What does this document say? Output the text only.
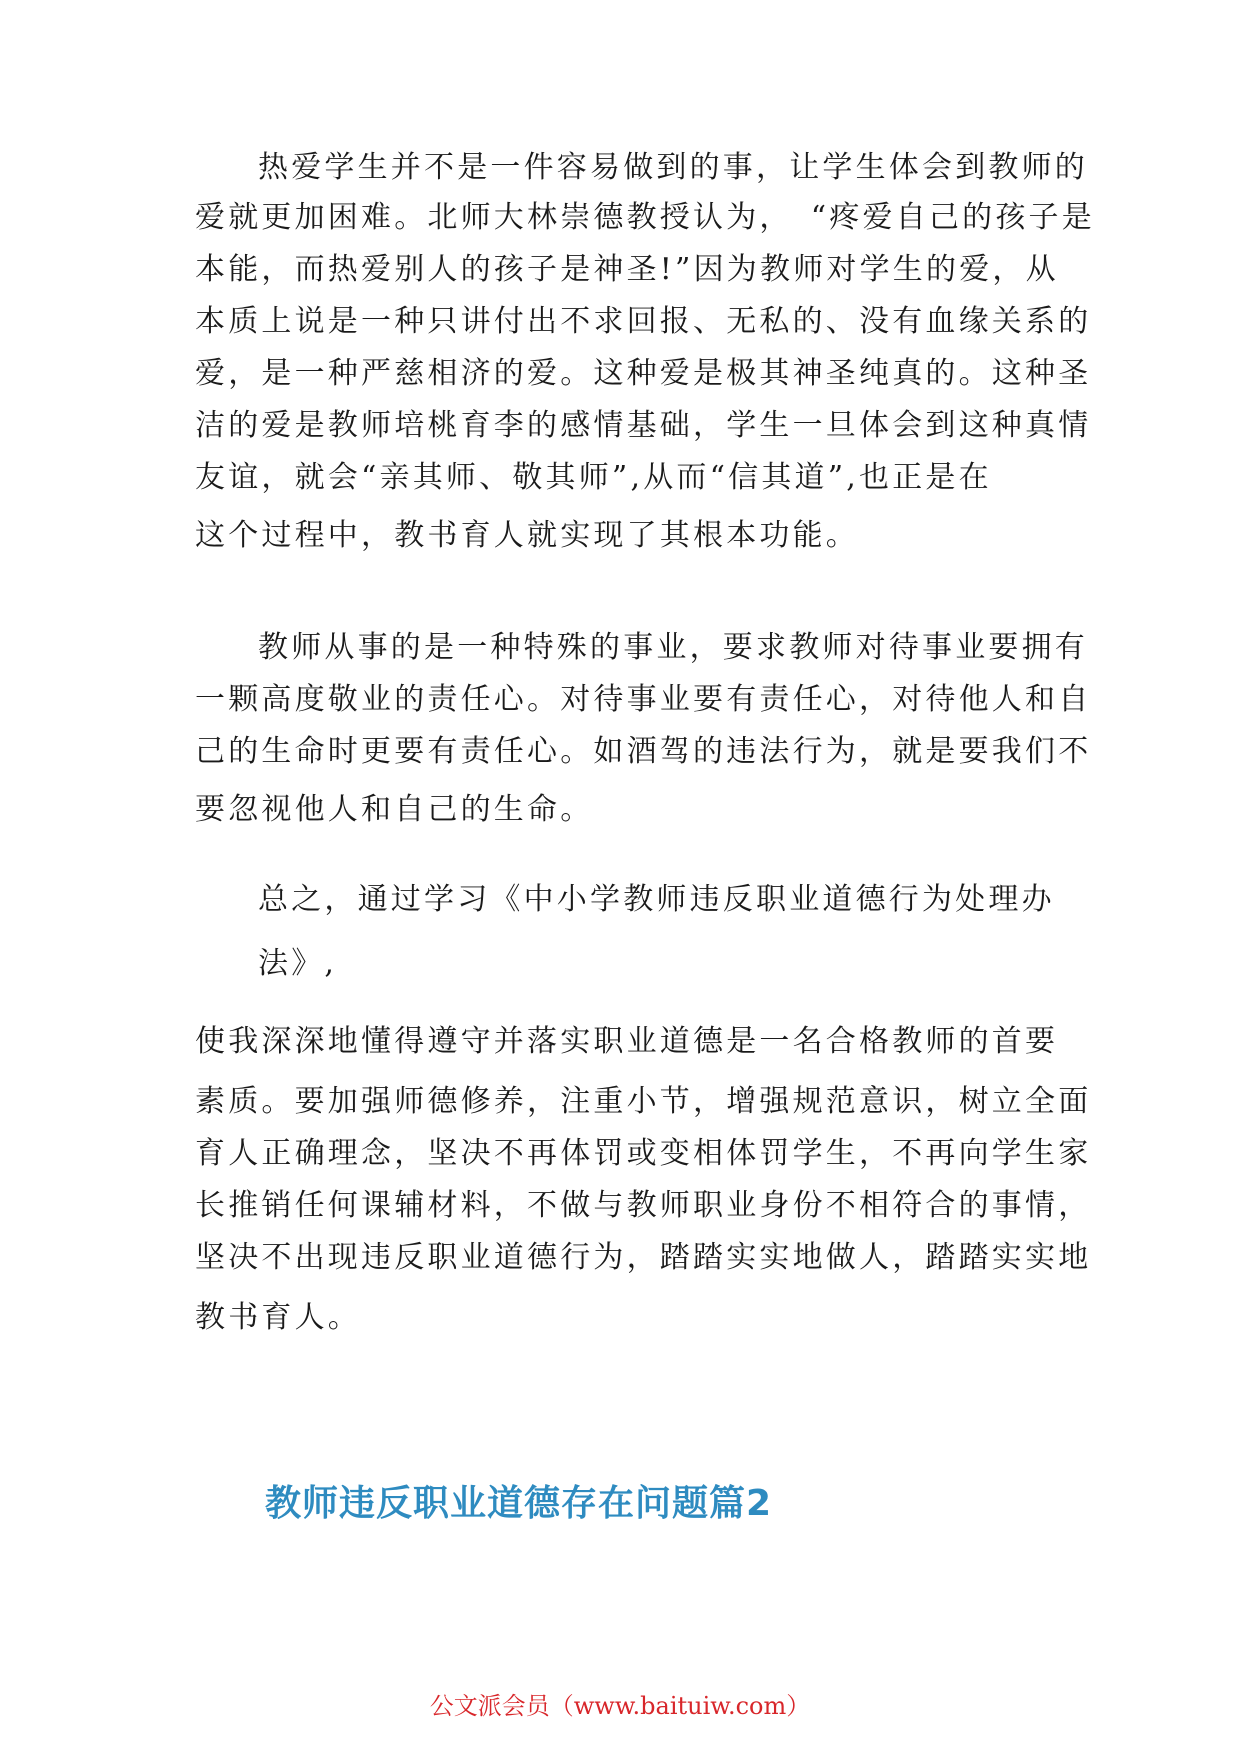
热爱学生并不是一件容易做到的事，让学生体会到教师的
爱就更加困难。北师大林崇德教授认为，　“疼爱自己的孩子是
本能，而热爱别人的孩子是神圣!”因为教师对学生的爱，从
本质上说是一种只讲付出不求回报、无私的、没有血缘关系的
爱，是一种严慈相济的爱。这种爱是极其神圣纯真的。这种圣
洁的爱是教师培桃育李的感情基础，学生一旦体会到这种真情
友谊，就会“亲其师、敬其师”,从而“信其道”,也正是在
这个过程中，教书育人就实现了其根本功能。
教师从事的是一种特殊的事业，要求教师对待事业要拥有
一颗高度敬业的责任心。对待事业要有责任心，对待他人和自
己的生命时更要有责任心。如酒驾的违法行为，就是要我们不
要忽视他人和自己的生命。
总之，通过学习《中小学教师违反职业道德行为处理办
法》,
使我深深地懂得遵守并落实职业道德是一名合格教师的首要
素质。要加强师德修养，注重小节，增强规范意识，树立全面
育人正确理念，坚决不再体罚或变相体罚学生，不再向学生家
长推销任何课辅材料，不做与教师职业身份不相符合的事情，
坚决不出现违反职业道德行为，踏踏实实地做人，踏踏实实地
教书育人。
教师违反职业道德存在问题篇2
公文派会员（www.baituiw.com）
